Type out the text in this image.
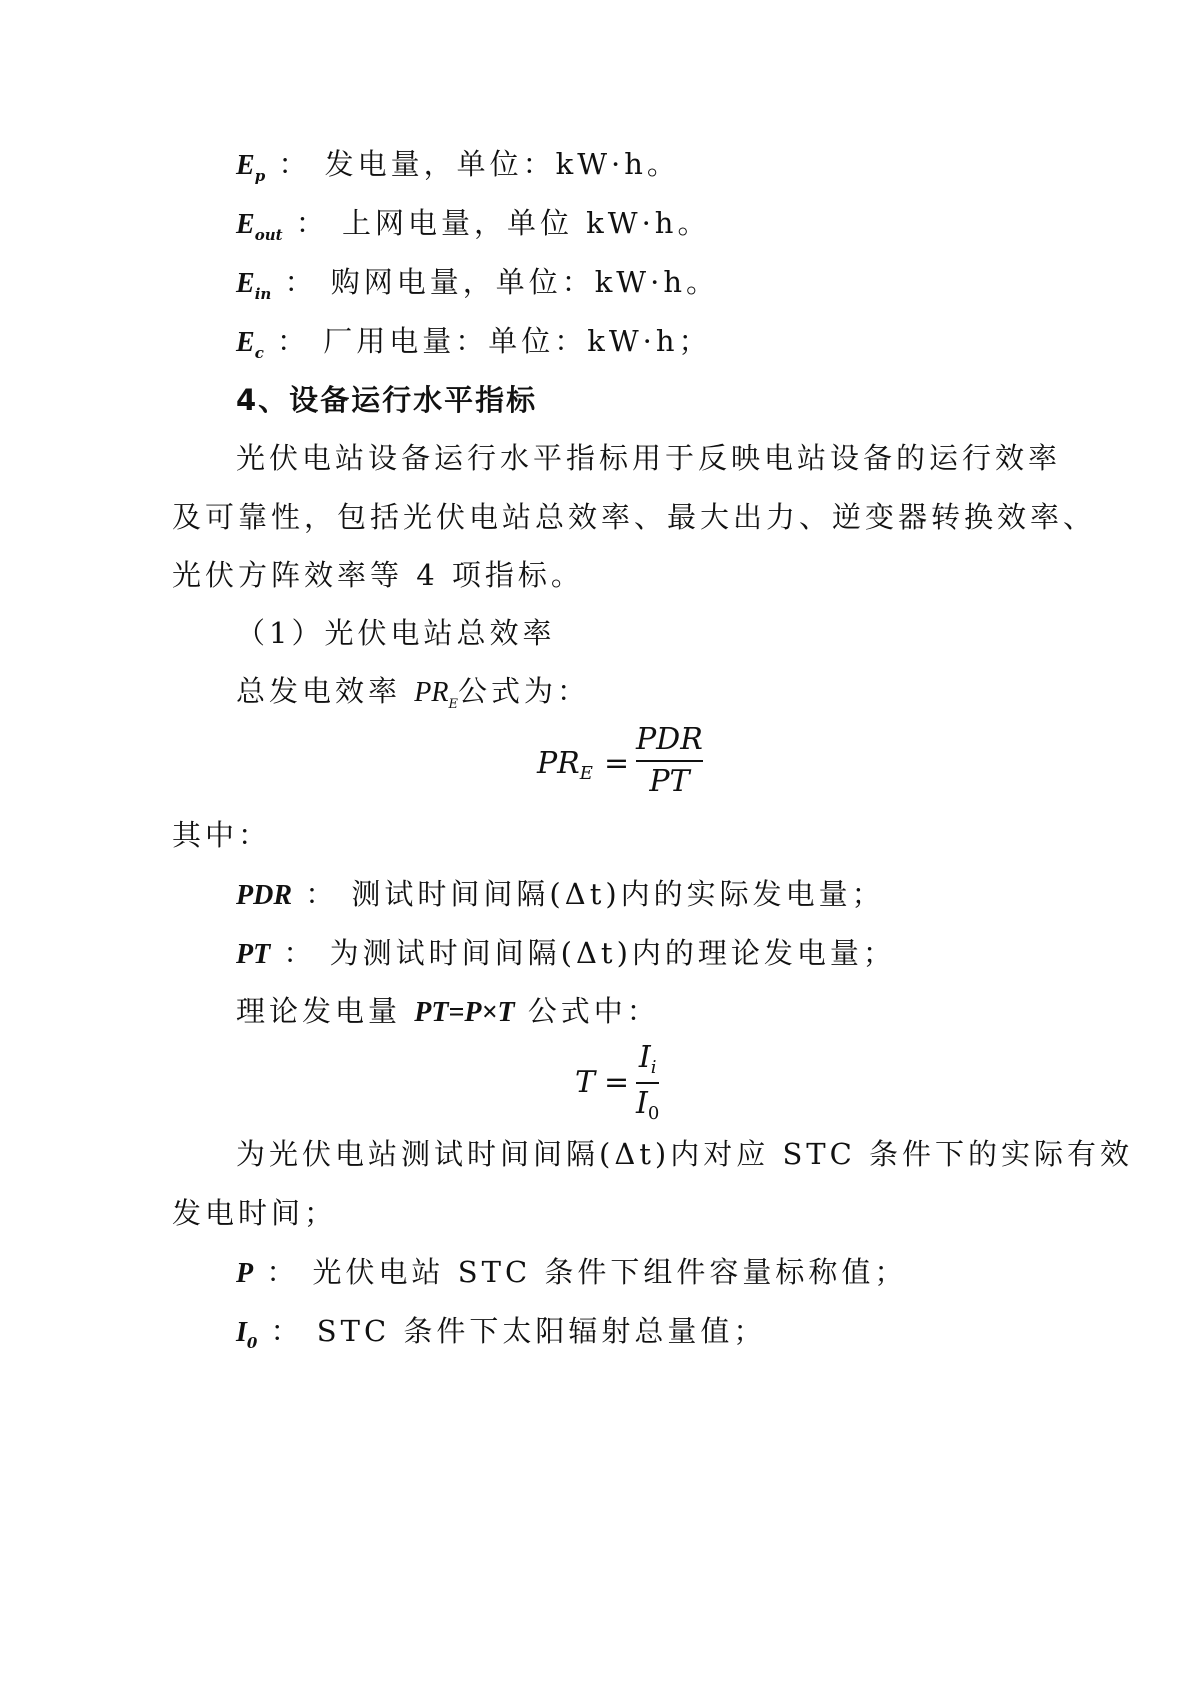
$E_p$ ： 发电量，单位：kW·h。
$E_{out}$ ： 上网电量，单位 kW·h。
$E_{in}$ ： 购网电量，单位：kW·h。
$E_c$ ： 厂用电量：单位：kW·h；
4、设备运行水平指标
光伏电站设备运行水平指标用于反映电站设备的运行效率
及可靠性，包括光伏电站总效率、最大出力、逆变器转换效率、
光伏方阵效率等 4 项指标。
（1）光伏电站总效率
总发电效率 $PR_E$公式为：
$PR_E$ =
PDR
PT
其中：
PDR ： 测试时间间隔(Δt)内的实际发电量；
PT ： 为测试时间间隔(Δt)内的理论发电量；
理论发电量 PT=P×T 公式中：
T =
$I_i$
$I_0$
为光伏电站测试时间间隔(Δt)内对应 STC 条件下的实际有效
发电时间；
P ： 光伏电站 STC 条件下组件容量标称值；
$I_0$ ： STC 条件下太阳辐射总量值；
